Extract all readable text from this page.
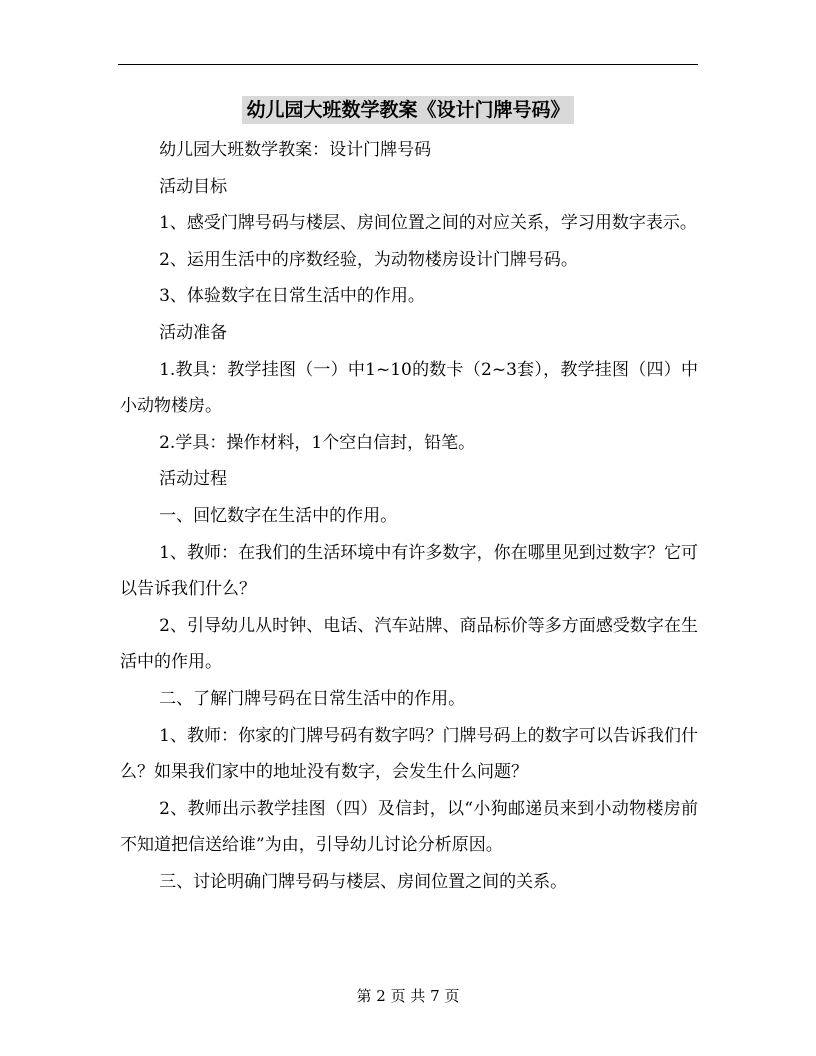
幼儿园大班数学教案《设计门牌号码》

幼儿园大班数学教案：设计门牌号码

活动目标

1、感受门牌号码与楼层、房间位置之间的对应关系，学习用数字表示。

2、运用生活中的序数经验，为动物楼房设计门牌号码。

3、体验数字在日常生活中的作用。

活动准备

1.教具：教学挂图（一）中1~10的数卡（2~3套），教学挂图（四）中小动物楼房。

2.学具：操作材料，1个空白信封，铅笔。

活动过程

一、回忆数字在生活中的作用。

1、教师：在我们的生活环境中有许多数字，你在哪里见到过数字？它可以告诉我们什么？

2、引导幼儿从时钟、电话、汽车站牌、商品标价等多方面感受数字在生活中的作用。

二、了解门牌号码在日常生活中的作用。

1、教师：你家的门牌号码有数字吗？门牌号码上的数字可以告诉我们什么？如果我们家中的地址没有数字，会发生什么问题？

2、教师出示教学挂图（四）及信封，以“小狗邮递员来到小动物楼房前不知道把信送给谁”为由，引导幼儿讨论分析原因。

三、讨论明确门牌号码与楼层、房间位置之间的关系。

第 2 页 共 7 页
